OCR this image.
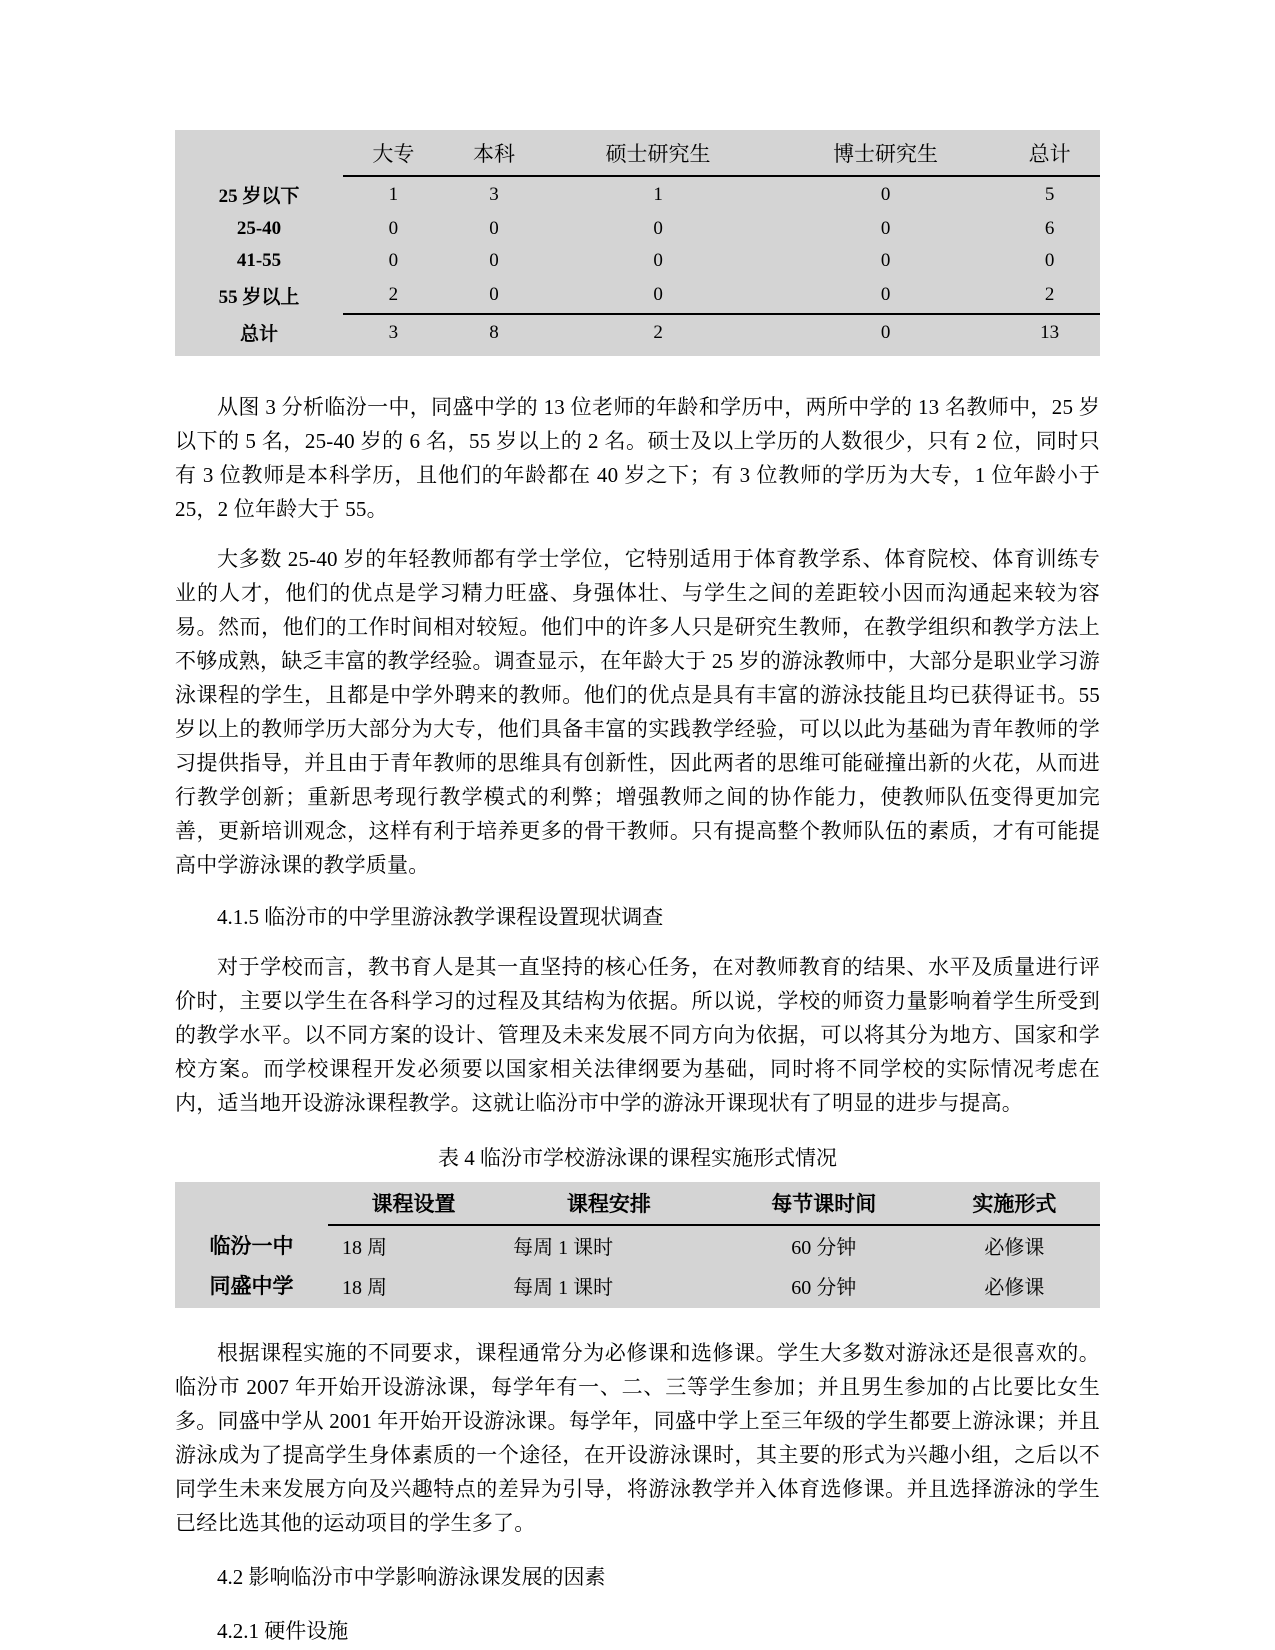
	大专	本科	硕士研究生	博士研究生	总计
25 岁以下	1	3	1	0	5
25-40	0	0	0	0	6
41-55	0	0	0	0	0
55 岁以上	2	0	0	0	2
总计	3	8	2	0	13

从图 3 分析临汾一中，同盛中学的 13 位老师的年龄和学历中，两所中学的 13 名教师中，25 岁以下的 5 名，25-40 岁的 6 名，55 岁以上的 2 名。硕士及以上学历的人数很少，只有 2 位，同时只有 3 位教师是本科学历，且他们的年龄都在 40 岁之下；有 3 位教师的学历为大专，1 位年龄小于 25，2 位年龄大于 55。

大多数 25-40 岁的年轻教师都有学士学位，它特别适用于体育教学系、体育院校、体育训练专业的人才，他们的优点是学习精力旺盛、身强体壮、与学生之间的差距较小因而沟通起来较为容易。然而，他们的工作时间相对较短。他们中的许多人只是研究生教师，在教学组织和教学方法上不够成熟，缺乏丰富的教学经验。调查显示，在年龄大于 25 岁的游泳教师中，大部分是职业学习游泳课程的学生，且都是中学外聘来的教师。他们的优点是具有丰富的游泳技能且均已获得证书。55 岁以上的教师学历大部分为大专，他们具备丰富的实践教学经验，可以以此为基础为青年教师的学习提供指导，并且由于青年教师的思维具有创新性，因此两者的思维可能碰撞出新的火花，从而进行教学创新；重新思考现行教学模式的利弊；增强教师之间的协作能力，使教师队伍变得更加完善，更新培训观念，这样有利于培养更多的骨干教师。只有提高整个教师队伍的素质，才有可能提高中学游泳课的教学质量。

4.1.5 临汾市的中学里游泳教学课程设置现状调查

对于学校而言，教书育人是其一直坚持的核心任务，在对教师教育的结果、水平及质量进行评价时，主要以学生在各科学习的过程及其结构为依据。所以说，学校的师资力量影响着学生所受到的教学水平。以不同方案的设计、管理及未来发展不同方向为依据，可以将其分为地方、国家和学校方案。而学校课程开发必须要以国家相关法律纲要为基础，同时将不同学校的实际情况考虑在内，适当地开设游泳课程教学。这就让临汾市中学的游泳开课现状有了明显的进步与提高。

表 4 临汾市学校游泳课的课程实施形式情况
	课程设置	课程安排	每节课时间	实施形式
临汾一中	18 周	每周 1 课时	60 分钟	必修课
同盛中学	18 周	每周 1 课时	60 分钟	必修课

根据课程实施的不同要求，课程通常分为必修课和选修课。学生大多数对游泳还是很喜欢的。临汾市 2007 年开始开设游泳课，每学年有一、二、三等学生参加；并且男生参加的占比要比女生多。同盛中学从 2001 年开始开设游泳课。每学年，同盛中学上至三年级的学生都要上游泳课；并且游泳成为了提高学生身体素质的一个途径，在开设游泳课时，其主要的形式为兴趣小组，之后以不同学生未来发展方向及兴趣特点的差异为引导，将游泳教学并入体育选修课。并且选择游泳的学生已经比选其他的运动项目的学生多了。

4.2 影响临汾市中学影响游泳课发展的因素
4.2.1 硬件设施
